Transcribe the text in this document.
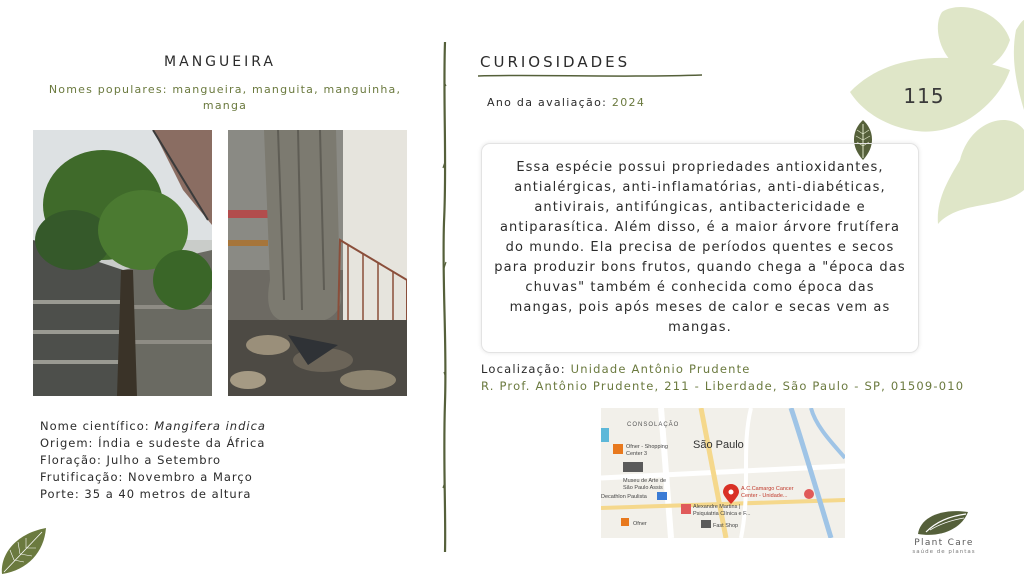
MANGUEIRA
Nomes populares: mangueira, manguita, manguinha, manga
Nome científico: Mangifera indica
Origem: Índia e sudeste da África
Floração: Julho a Setembro
Frutificação: Novembro a Março
Porte: 35 a 40 metros de altura
CURIOSIDADES
Ano da avaliação: 2024	115
Essa espécie possui propriedades antioxidantes, antialérgicas, anti-inflamatórias, anti-diabéticas, antivirais, antifúngicas, antibactericidade e antiparasítica. Além disso, é a maior árvore frutífera do mundo. Ela precisa de períodos quentes e secos para produzir bons frutos, quando chega a "época das chuvas" também é conhecida como época das mangas, pois após meses de calor e secas vem as mangas.
Localização: Unidade Antônio Prudente
R. Prof. Antônio Prudente, 211 - Liberdade, São Paulo - SP, 01509-010
CONSOLAÇÃO
São Paulo
Ofner - Shopping
Center 3
Museu de Arte de
São Paulo Assis
Decathlon Paulista
A.C.Camargo Cancer
Center - Unidade...
Alexandre Martins |
Psiquiatria Clínica e F...
Ofner	Fast Shop
Plant Care
saúde de plantas
